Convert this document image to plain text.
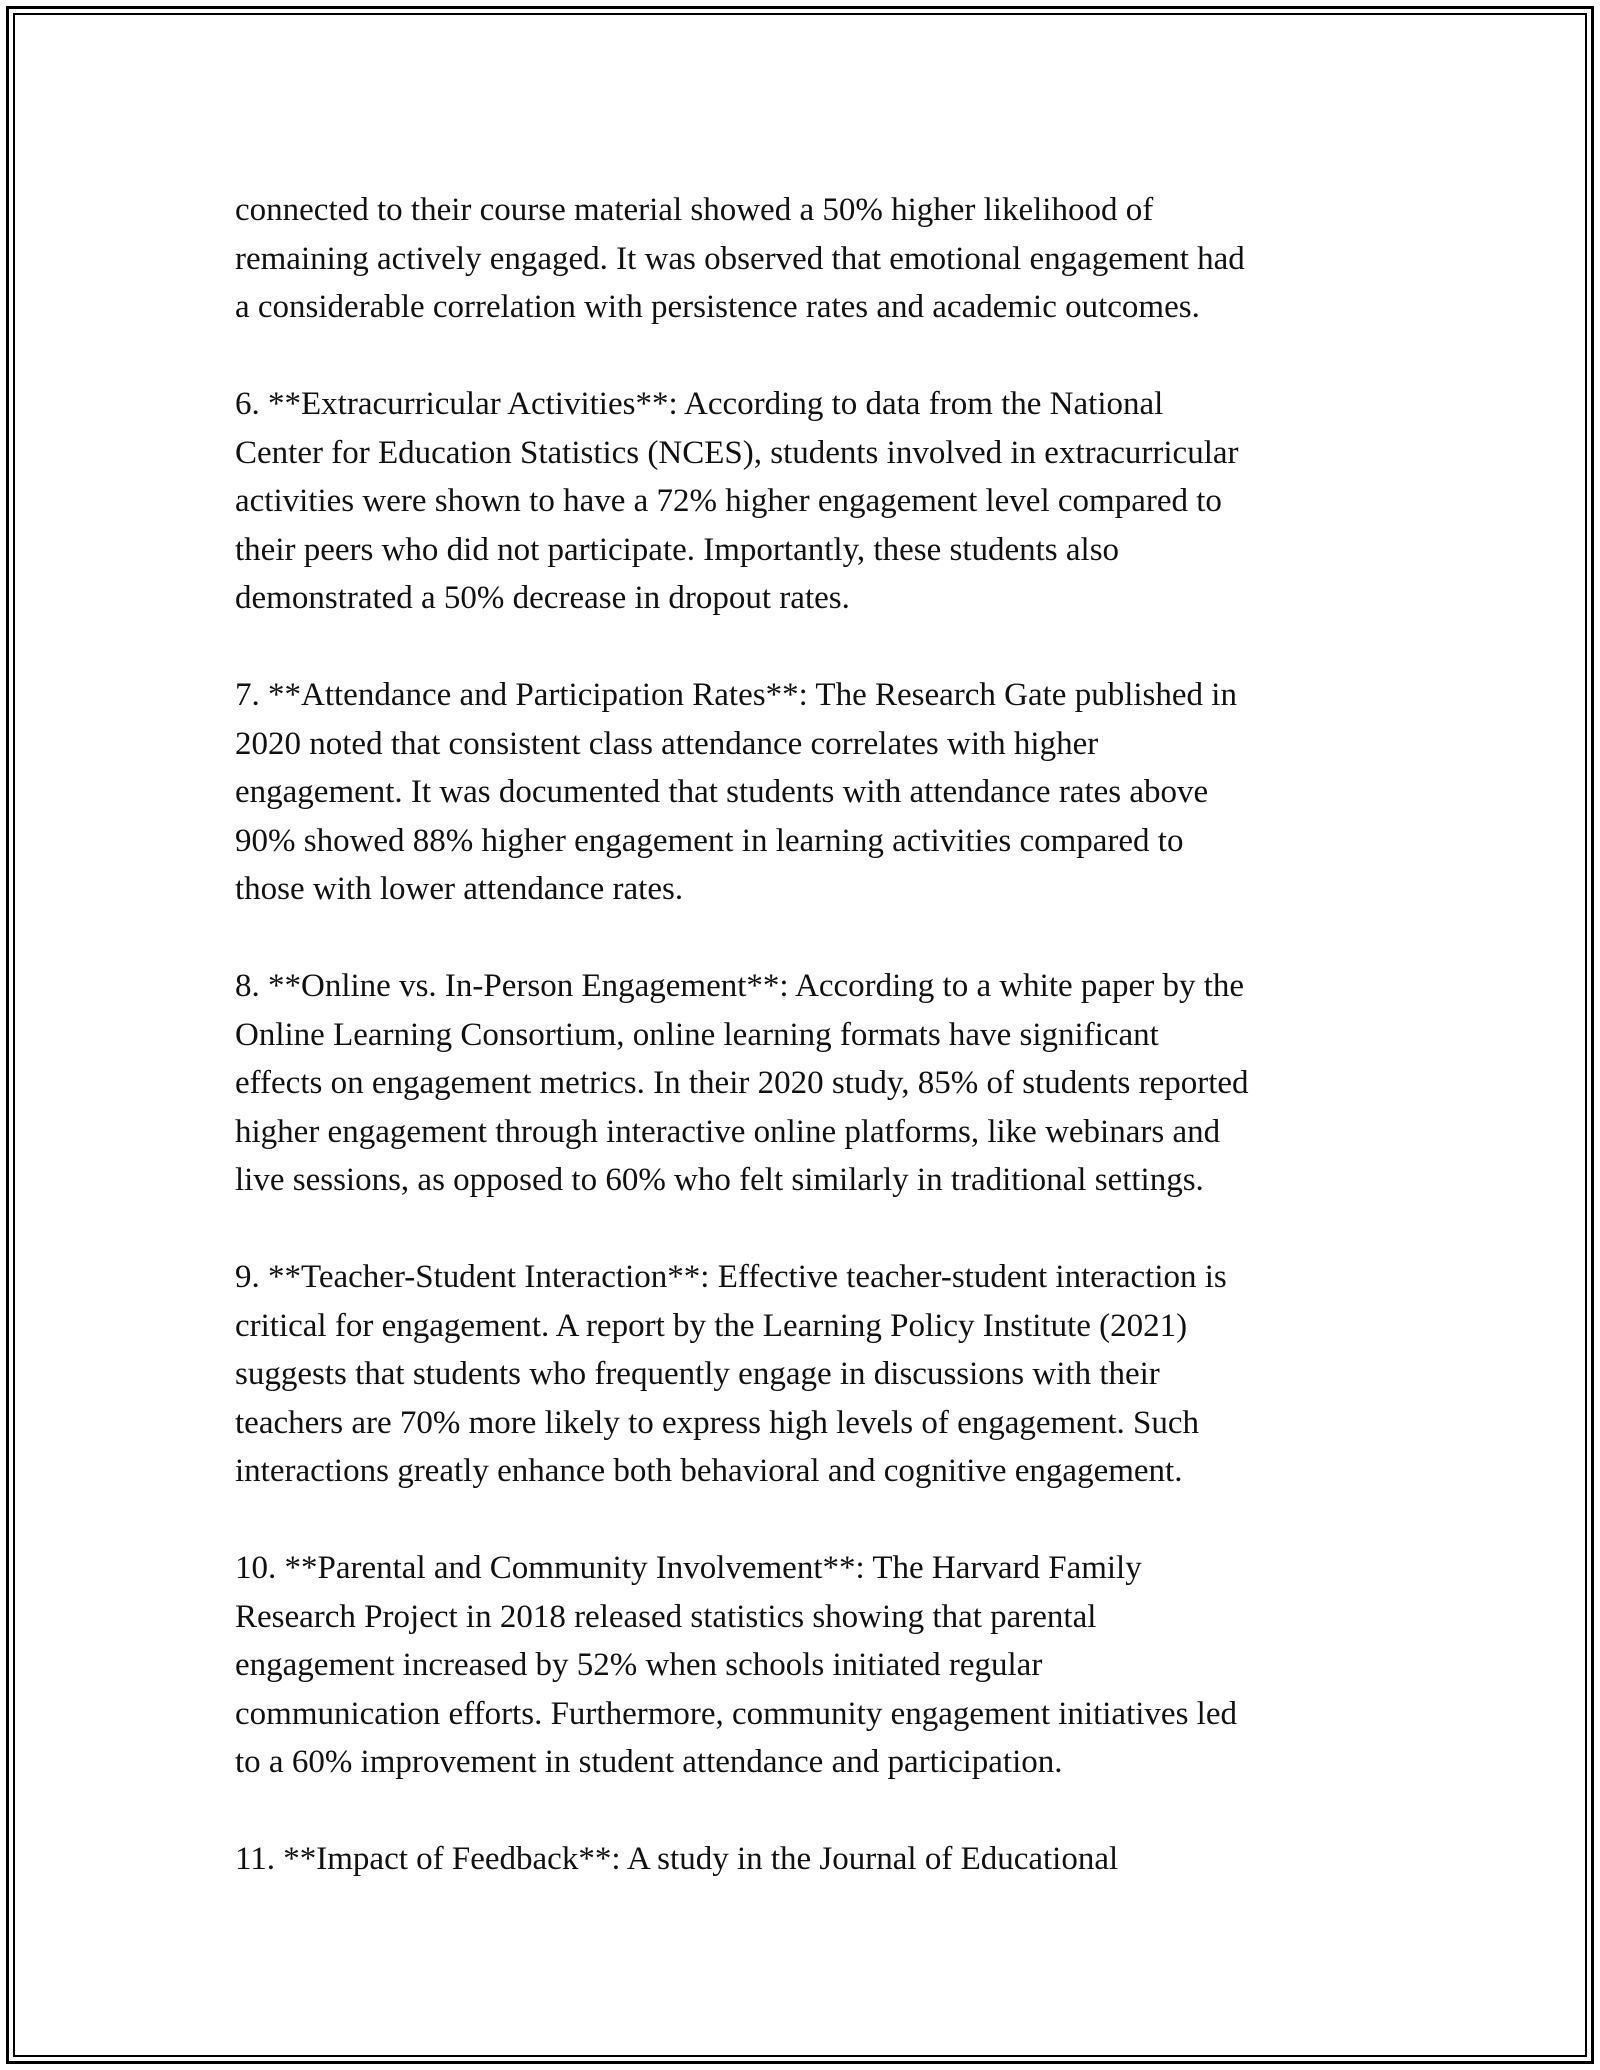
connected to their course material showed a 50% higher likelihood of
remaining actively engaged. It was observed that emotional engagement had
a considerable correlation with persistence rates and academic outcomes.

6. **Extracurricular Activities**: According to data from the National
Center for Education Statistics (NCES), students involved in extracurricular
activities were shown to have a 72% higher engagement level compared to
their peers who did not participate. Importantly, these students also
demonstrated a 50% decrease in dropout rates.

7. **Attendance and Participation Rates**: The Research Gate published in
2020 noted that consistent class attendance correlates with higher
engagement. It was documented that students with attendance rates above
90% showed 88% higher engagement in learning activities compared to
those with lower attendance rates.

8. **Online vs. In-Person Engagement**: According to a white paper by the
Online Learning Consortium, online learning formats have significant
effects on engagement metrics. In their 2020 study, 85% of students reported
higher engagement through interactive online platforms, like webinars and
live sessions, as opposed to 60% who felt similarly in traditional settings.

9. **Teacher-Student Interaction**: Effective teacher-student interaction is
critical for engagement. A report by the Learning Policy Institute (2021)
suggests that students who frequently engage in discussions with their
teachers are 70% more likely to express high levels of engagement. Such
interactions greatly enhance both behavioral and cognitive engagement.

10. **Parental and Community Involvement**: The Harvard Family
Research Project in 2018 released statistics showing that parental
engagement increased by 52% when schools initiated regular
communication efforts. Furthermore, community engagement initiatives led
to a 60% improvement in student attendance and participation.

11. **Impact of Feedback**: A study in the Journal of Educational
